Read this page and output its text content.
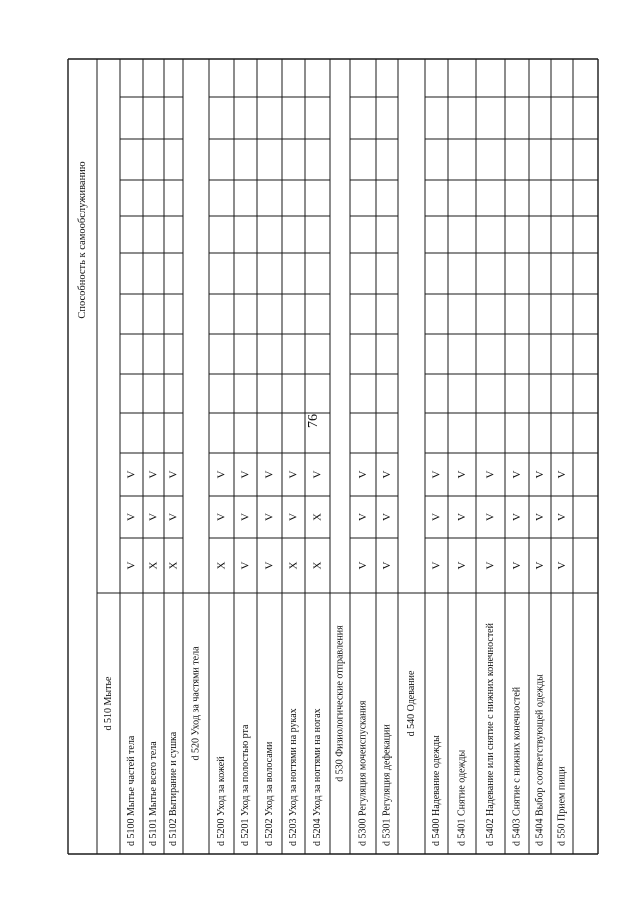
76
Способность к самообслуживанию
d 510 Мытье
d 5100 Мытье частей тела
V
V
V
d 5101 Мытье всего тела
X
V
V
d 5102 Вытирание и сушка
X
V
V
d 520 Уход за частями тела
d 5200 Уход за кожей
X
V
V
d 5201 Уход за полостью рта
V
V
V
d 5202 Уход за волосами
V
V
V
d 5203 Уход за ногтями на руках
X
V
V
d 5204 Уход за ногтями на ногах
X
X
V
d 530 Физиологические отправления d 5300 Регуляция мочеиспускания
V
V
V
d 5301 Регуляция дефекации
V
V
V
d 540 Одевание
d 5400 Надевание одежды
V
V
V
d 5401 Снятие одежды
V
V
V
d 5402 Надевание или снятие с нижних конечностей
V
V
V
d 5403 Снятие с нижних конечностей
V
V
V
d 5404 Выбор соответствующей одежды
V
V
V
d 550 Прием пищи
V
V
V
